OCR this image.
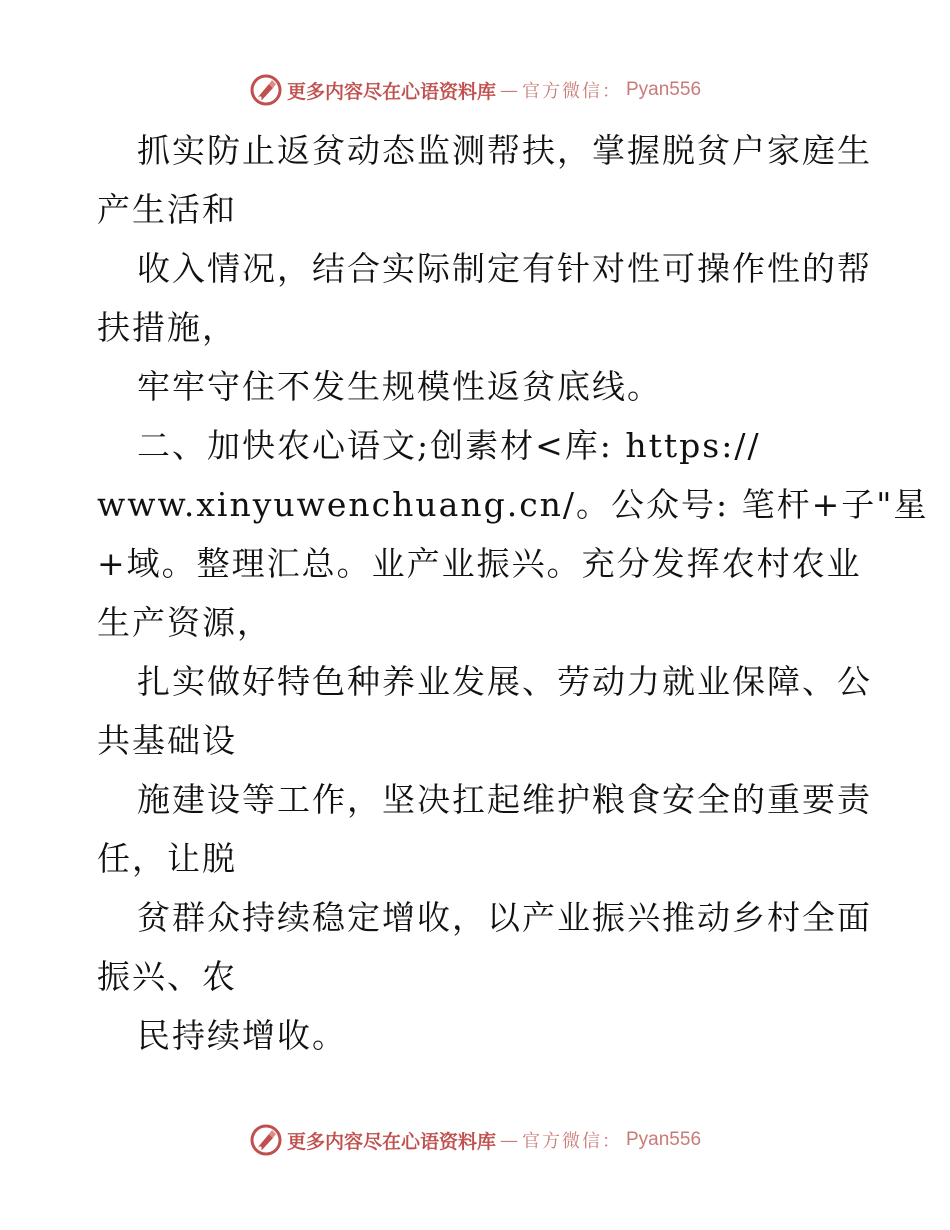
更多内容尽在心语资料库 — 官方微信： Pyan556
抓实防止返贫动态监测帮扶，掌握脱贫户家庭生
产生活和
收入情况，结合实际制定有针对性可操作性的帮
扶措施，
牢牢守住不发生规模性返贫底线。
二、加快农心语文;创素材<库: https://
www.xinyuwenchuang.cn/。公众号: 笔杆+子"星
+域。整理汇总。业产业振兴。充分发挥农村农业
生产资源，
扎实做好特色种养业发展、劳动力就业保障、公
共基础设
施建设等工作，坚决扛起维护粮食安全的重要责
任，让脱
贫群众持续稳定增收，以产业振兴推动乡村全面
振兴、农
民持续增收。
更多内容尽在心语资料库 — 官方微信： Pyan556
